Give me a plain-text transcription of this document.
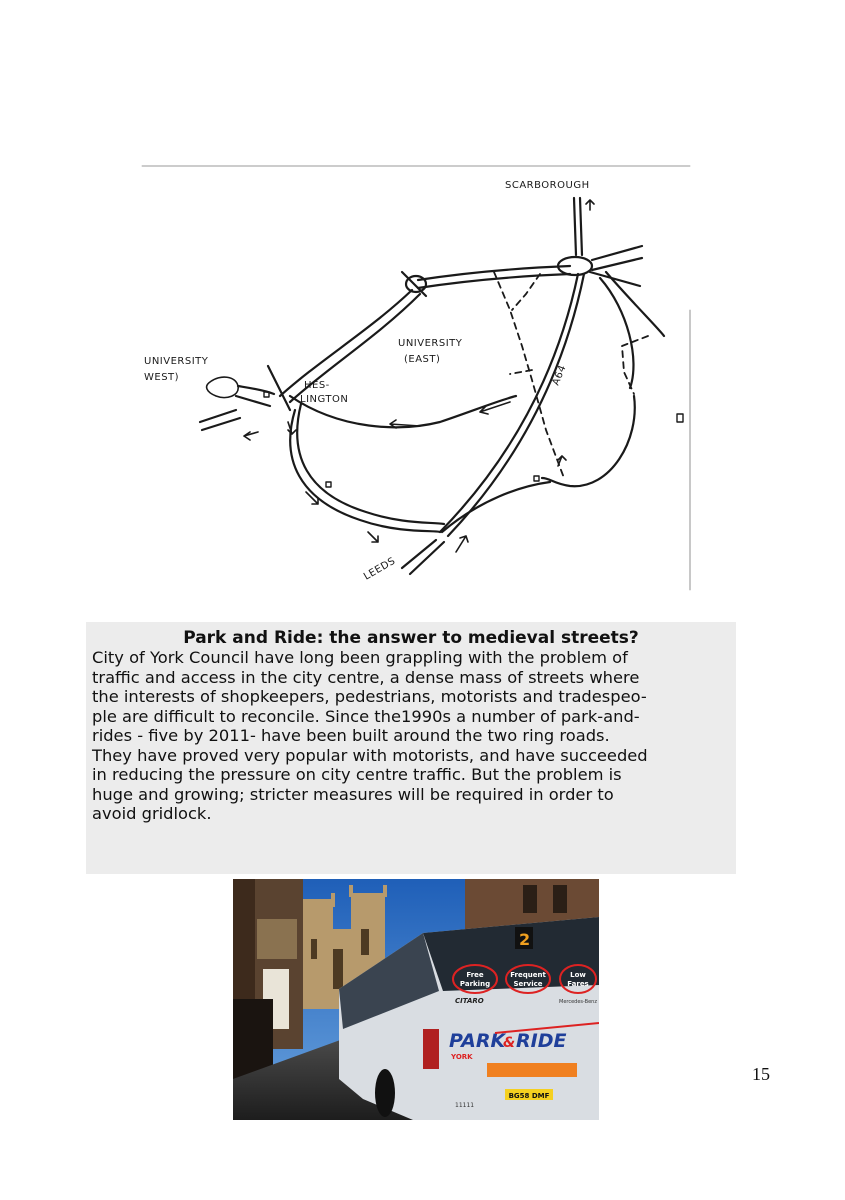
SCARBOROUGH
UNIVERSITY
WEST)
UNIVERSITY
(EAST)
HES-
LINGTON
A64
LEEDS
Park and Ride: the answer to medieval streets?

City of York Council have long been grappling with the problem of

traffic and access in the city centre, a dense mass of streets where

the interests of shopkeepers, pedestrians, motorists and tradespeo-

ple are difficult to reconcile. Since the1990s a number of park-and-

rides - five by 2011- have been built around the two ring roads.

They have proved very popular with motorists, and have succeeded

in reducing the pressure on city centre traffic. But the problem is

huge and growing; stricter measures will be required in order to

avoid gridlock.

2
Free
Parking
Frequent
Service
Low
Fares
CITARO	Mercedes-Benz
PARK
& RIDE
YORK
BG58 DMF
11111
15
